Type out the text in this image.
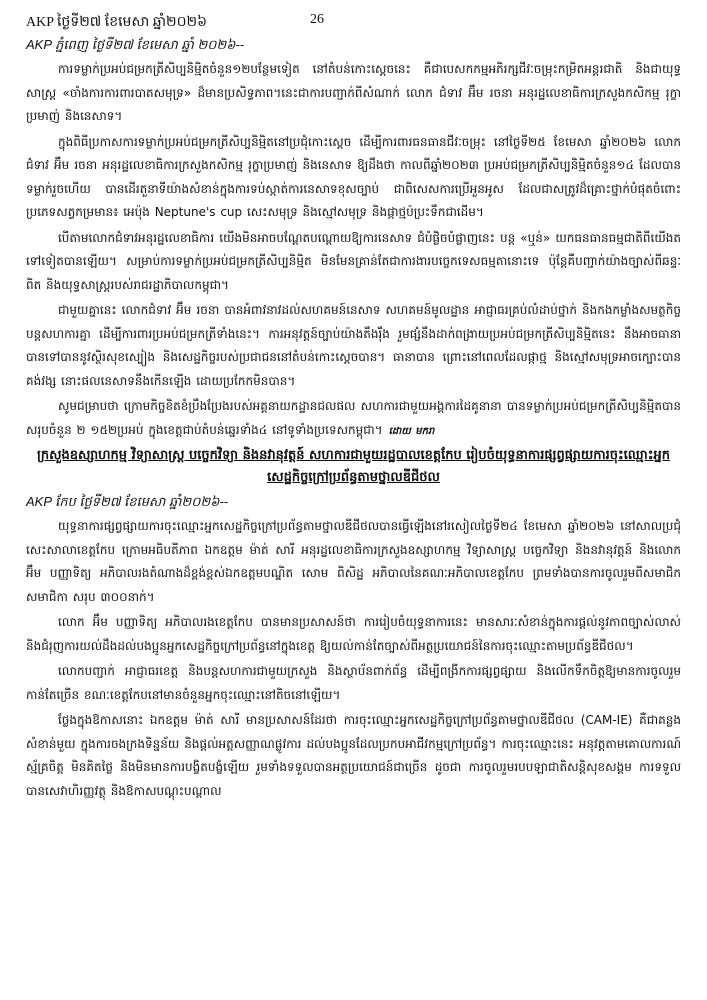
AKP ថ្ងៃទី២៧ ខែមេសា ឆ្នាំ២០២៦	26
AKP ភ្នំពេញ ថ្ងៃទី២៧ ខែមេសា ឆ្នាំ ២០២៦--

ការទម្លាក់ប្រអប់ជម្រកត្រីសិប្បនិម្មិតចំនួន១២បន្ថែមទៀត នៅតំបន់កោះស្ដេចនេះ គឺជាបេសកកម្មអភិរក្សជីវៈចម្រុះកម្រិតអន្តរជាតិ និងជាយុទ្ធសាស្ត្រ «ចាំងការការពារបាតសមុទ្រ» ដ៏មានប្រសិទ្ធភាព។នេះជាការបញ្ជាក់ពីសំណាក់ លោក ជំទាវ អ៊ឹម រចនា អនុរដ្ឋលេខាធិការក្រសួងកសិកម្ម រុក្ខាប្រមាញ់ និងនេសាទ។

ក្នុងពិធីប្រកាសការទម្លាក់ប្រអប់ជម្រកត្រីសិប្បនិម្មិតនៅប្រជុំកោះស្ដេច ដើម្បីការពារធនធានជីវៈចម្រុះ នៅថ្ងៃទី២៥ ខែមេសា ឆ្នាំ២០២៦ លោកជំទាវ អ៊ឹម រចនា អនុរដ្ឋលេខាធិការក្រសួងកសិកម្ម រុក្ខាប្រមាញ់ និងនេសាទ ឱ្យដឹងថា កាលពីឆ្នាំ២០២៣ ប្រអប់ជម្រកត្រីសិប្បនិម្មិតចំនួន១៤ ដែលបានទម្លាក់រួចហើយ បានដើរតួនាទីយ៉ាងសំខាន់ក្នុងការទប់ស្កាត់ការនេសាទខុសច្បាប់ ជាពិសេសការប្រើអួនអូស ដែលជាសត្រូវដ៏គ្រោះថ្នាក់បំផុតចំពោះប្រភេទសត្វកម្រមាន៖ អេប៉ុង Neptune's cup សេះសមុទ្រ និងស្មៅសមុទ្រ និងផ្កាថ្មប៉ប្រះទឹកជាដើម។

បើតាមលោកជំទាវអនុរដ្ឋលេខាធិការ យើងមិនអាចបណ្ដែតបណ្ដោយឱ្យការនេសាទ ជំបំផ្លិចបំផ្លាញនេះ បន្ត «ឬន់» យកធនធានធម្មជាតិពីយើងតទៅទៀតបានឡើយ។ សម្រាប់ការទម្លាក់ប្រអប់ជម្រកត្រីសិប្បនិម្មិត មិនមែនគ្រាន់តែជាការងារបច្ចេកទេសធម្មតានោះទេ ប៉ុន្តែគឺបញ្ជាក់យ៉ាងច្បាស់ពីឆន្ទៈពិត និងយុទ្ធសាស្ត្ររបស់រាជរដ្ឋាភិបាលកម្ពុជា។

ជាមួយគ្នានេះ លោកជំទាវ អ៊ឹម រចនា បានអំពាវនាវដល់សហគមន៍នេសាទ សហគមន៍មូលដ្ឋាន អាជ្ញាធរគ្រប់លំដាប់ថ្នាក់ និងកងកម្លាំងសមត្ថកិច្ច បន្តសហការគ្នា ដើម្បីការពារប្រអប់ជម្រកត្រីទាំងនេះ។ ការអនុវត្តន៍ច្បាប់យ៉ាងតឹងរ៉ឹង រួមផ្សំនឹងដាក់ពង្រាយប្រអប់ជម្រកត្រីសិប្បនិម្មិតនេះ នឹងអាចធានាបានទៅបាននូវស្ថិរសុខស្បៀង និងសេដ្ឋកិច្ចរបស់ប្រជាជននៅតំបន់កោះស្ដេចបាន។ ធានាបាន ព្រោះនៅពេលដែលផ្កាថ្ម និងស្មៅសមុទ្រអាចក្បោះបានគង់វង្ស នោះផលនេសាទនឹងកើនឡើង ដោយប្រកែកមិនបាន។

សូមជម្រាបថា ក្រោមកិច្ចខិតខំប្រឹងប្រែងរបស់អគ្គនាយកដ្ឋានជលផល សហការជាមួយអង្គការដៃគូនានា បានទម្លាក់ប្រអប់ជម្រកត្រីសិប្បនិម្មិតបានសរុបចំនួន ២ ១៥២ប្រអប់ ក្នុងខេត្តជាប់តំបន់ឆ្នេរទាំង៤ នៅទូទាំងប្រទេសកម្ពុជា។ ដោយ មករា

ក្រសួងឧស្សាហកម្ម វិទ្យាសាស្ត្រ បច្ចេកវិទ្យា និងនវានុវត្តន៍ សហការជាមួយរដ្ឋបាលខេត្តកែប រៀបចំយុទ្ធនាការផ្សព្វផ្សាយការចុះឈ្មោះអ្នកសេដ្ឋកិច្ចក្រៅប្រព័ន្ធតាមថ្នាលឌីជីថល
AKP កែប ថ្ងៃទី២៧ ខែមេសា ឆ្នាំ២០២៦--

យុទ្ធនាការផ្សព្វផ្សាយការចុះឈ្មោះអ្នកសេដ្ឋកិច្ចក្រៅប្រព័ន្ធតាមថ្នាលឌីជីថលបានធ្វើឡើងនៅរសៀលថ្ងៃទី២៤ ខែមេសា ឆ្នាំ២០២៦ នៅសាលប្រជុំសេះសាលាខេត្តកែប ក្រោមអធិបតីភាព ឯកឧត្ដម ម៉ាត់ សារី អនុរដ្ឋលេខាធិការក្រសួងឧស្សាហកម្ម វិទ្យាសាស្ត្រ បច្ចេកវិទ្យា និងនវានុវត្តន៍ និងលោក អ៊ឹម បញ្ញាទិត្យ អភិបាលរងតំណាងដ៏ខ្ពង់ខ្ពស់ឯកឧត្ដមបណ្ឌិត សោម ពិសិដ្ឋ អភិបាលនៃគណៈអភិបាលខេត្តកែប ព្រមទាំងបានការចូលរួមពីសមាជិក សមាជិកា សរុប ៣០០នាក់។

លោក អ៊ឹម បញ្ញាទិត្យ អភិបាលរងខេត្តកែប បានមានប្រសាសន៍ថា ការរៀបចំយុទ្ធនាការនេះ មានសារៈសំខាន់ក្នុងការផ្តល់នូវភាពច្បាស់លាស់ និងជំរុញការយល់ដឹងដល់បងប្អូនអ្នកសេដ្ឋកិច្ចក្រៅប្រព័ន្ធនៅក្នុងខេត្ត ឱ្យយល់កាន់តែច្បាស់ពីអត្ថប្រយោជន៍នៃការចុះឈ្មោះតាមប្រព័ន្ធឌីជីថល។

លោកបញ្ជាក់ អាជ្ញាធរខេត្ត និងបន្តសហការជាមួយក្រសួង និងស្ថាប័នពាក់ព័ន្ធ ដើម្បីពង្រីកការផ្សព្វផ្សាយ និងលើកទឹកចិត្តឱ្យមានការចូលរួមកាន់តែច្រើន ខណៈខេត្តកែបនៅមានចំនួនអ្នកចុះឈ្មោះនៅតិចនៅឡើយ។

ថ្លែងក្នុងឱកាសនោះ ឯកឧត្ដម ម៉ាត់ សារី មានប្រសាសន៍ដែរថា ការចុះឈ្មោះអ្នកសេដ្ឋកិច្ចក្រៅប្រព័ន្ធតាមថ្នាលឌីជីថល (CAM-IE) គឺជាគន្លងសំខាន់មួយ ក្នុងការចងក្រងទិន្នន័យ និងផ្តល់អត្តសញ្ញាណផ្លូវការ ដល់បងប្អូនដែលប្រកបអាជីវកម្មក្រៅប្រព័ន្ធ។ ការចុះឈ្មោះនេះ អនុវត្តតាមគោលការណ៍ស្ម័គ្រចិត្ត មិនគិតថ្លៃ និងមិនមានការបង្ខិតបង្ខំឡើយ រួមទាំងទទួលបានអត្ថប្រយោជន៍ជាច្រើន ដូចជា ការចូលរួមរបបឡាជាតិសន្តិសុខសង្គម ការទទួលបានសេវាហិរញ្ញវត្ថុ និងឱកាសបណ្ដុះបណ្ដាល
